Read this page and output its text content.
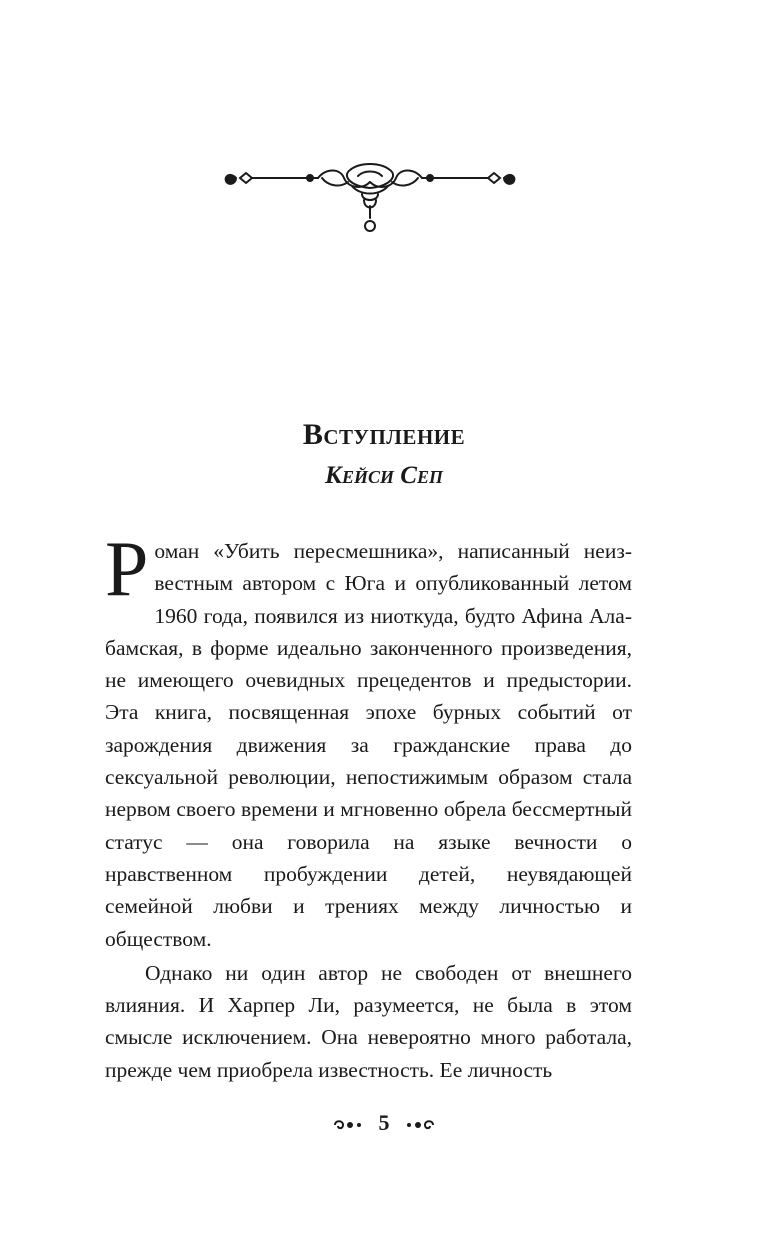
Вступление
Кейси Сеп

Роман «Убить пересмешника», написанный неизвестным автором с Юга и опубликованный летом 1960 года, появился из ниоткуда, будто Афина Алабамская, в форме идеально законченного произведения, не имеющего очевидных прецедентов и предыстории. Эта книга, посвященная эпохе бурных событий от зарождения движения за гражданские права до сексуальной революции, непостижимым образом стала нервом своего времени и мгновенно обрела бессмертный статус — она говорила на языке вечности о нравственном пробуждении детей, неувядающей семейной любви и трениях между личностью и обществом.

Однако ни один автор не свободен от внешнего влияния. И Харпер Ли, разумеется, не была в этом смысле исключением. Она невероятно много работала, прежде чем приобрела известность. Ее личность

5
